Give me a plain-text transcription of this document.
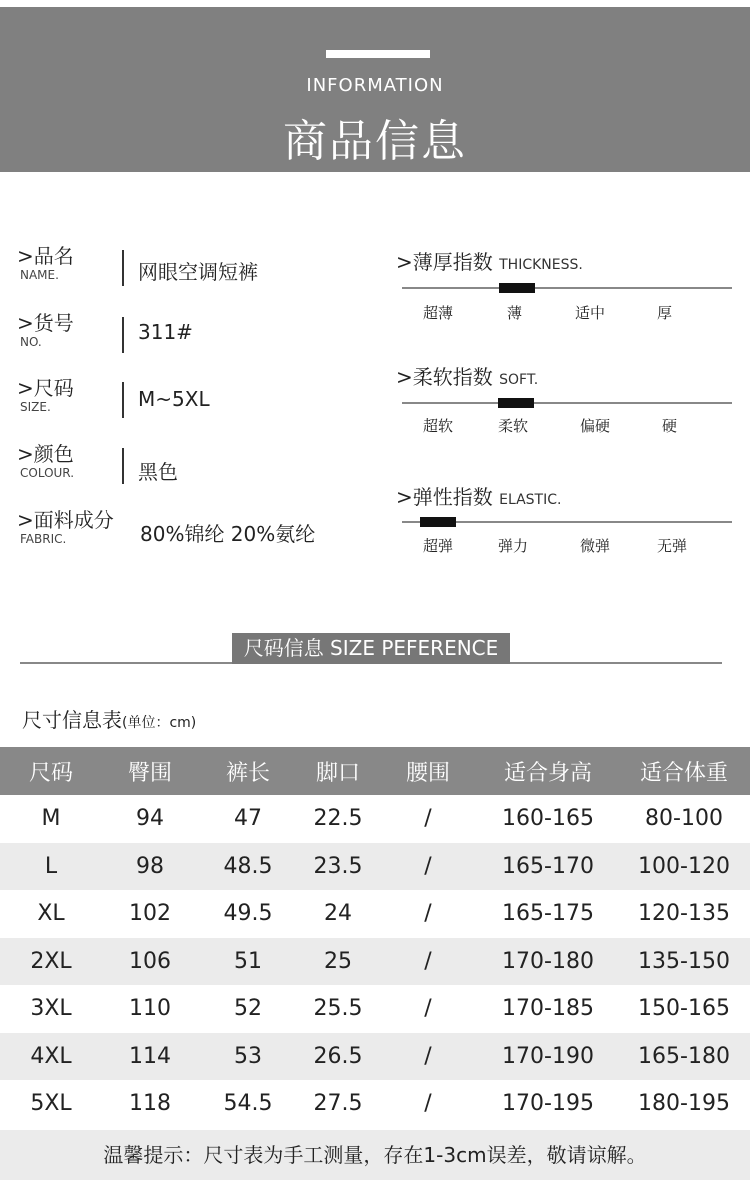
INFORMATION
商品信息
>品名
NAME.	网眼空调短裤
>货号
NO.	311#
>尺码
SIZE.	M~5XL
>颜色
COLOUR.	黑色
>面料成分
FABRIC.	80%锦纶 20%氨纶
>薄厚指数 THICKNESS.
超薄	薄	适中	厚
>柔软指数 SOFT.
超软	柔软	偏硬	硬
>弹性指数 ELASTIC.
超弹	弹力	微弹	无弹
尺码信息 SIZE PEFERENCE
尺寸信息表(单位：cm)
尺码	臀围	裤长	脚口	腰围	适合身高	适合体重
M	94	47	22.5	/	160-165	80-100
L	98	48.5	23.5	/	165-170	100-120
XL	102	49.5	24	/	165-175	120-135
2XL	106	51	25	/	170-180	135-150
3XL	110	52	25.5	/	170-185	150-165
4XL	114	53	26.5	/	170-190	165-180
5XL	118	54.5	27.5	/	170-195	180-195
温馨提示：尺寸表为手工测量，存在1-3cm误差，敬请谅解。
